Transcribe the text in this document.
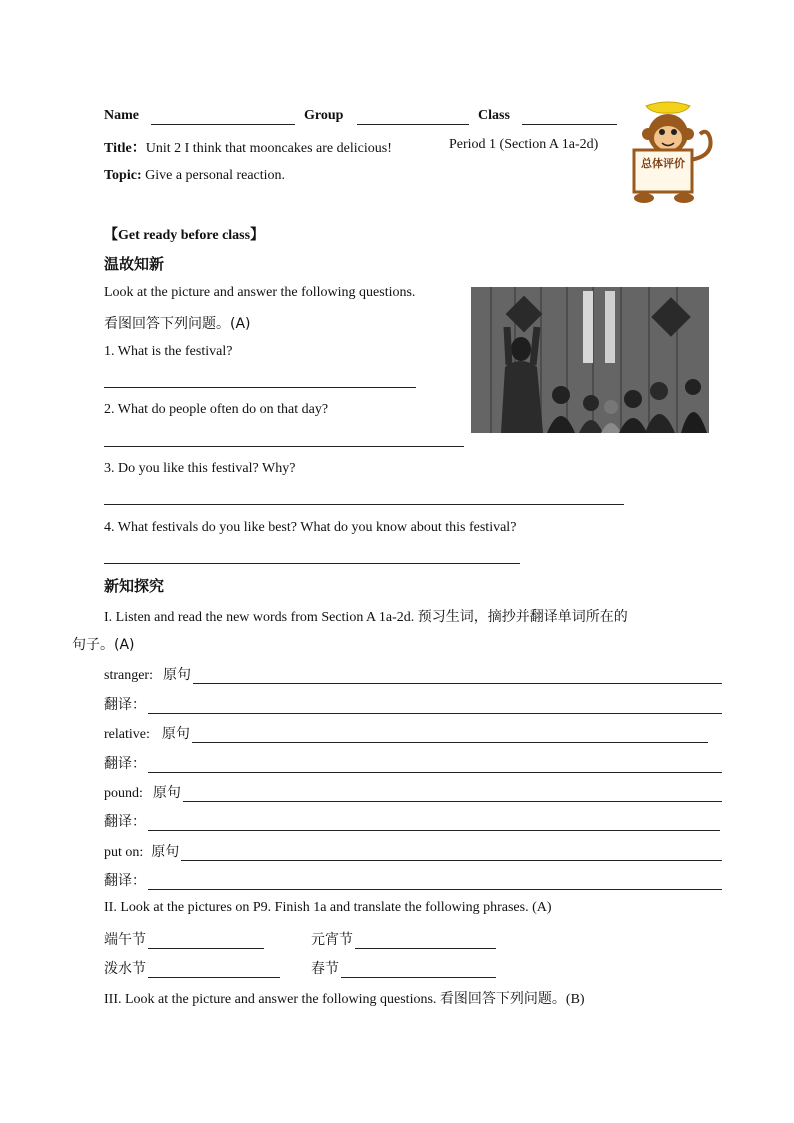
Name	Group	Class
Title：Unit 2 I think that mooncakes are delicious!	Period 1 (Section A 1a-2d)
Topic: Give a personal reaction.
总体评价
【Get ready before class】
温故知新
Look at the picture and answer the following questions.
看图回答下列问题。(A)
1. What is the festival?
2. What do people often do on that day?
3. Do you like this festival? Why?
4. What festivals do you like best? What do you know about this festival?
新知探究
I. Listen and read the new words from Section A 1a-2d. 预习生词，摘抄并翻译单词所在的
句子。(A)
stranger: 原句
翻译：
relative: 原句
翻译：
pound: 原句
翻译：
put on: 原句
翻译：
II. Look at the pictures on P9. Finish 1a and translate the following phrases. (A)
端午节	元宵节
泼水节	春节
III. Look at the picture and answer the following questions. 看图回答下列问题。(B)
